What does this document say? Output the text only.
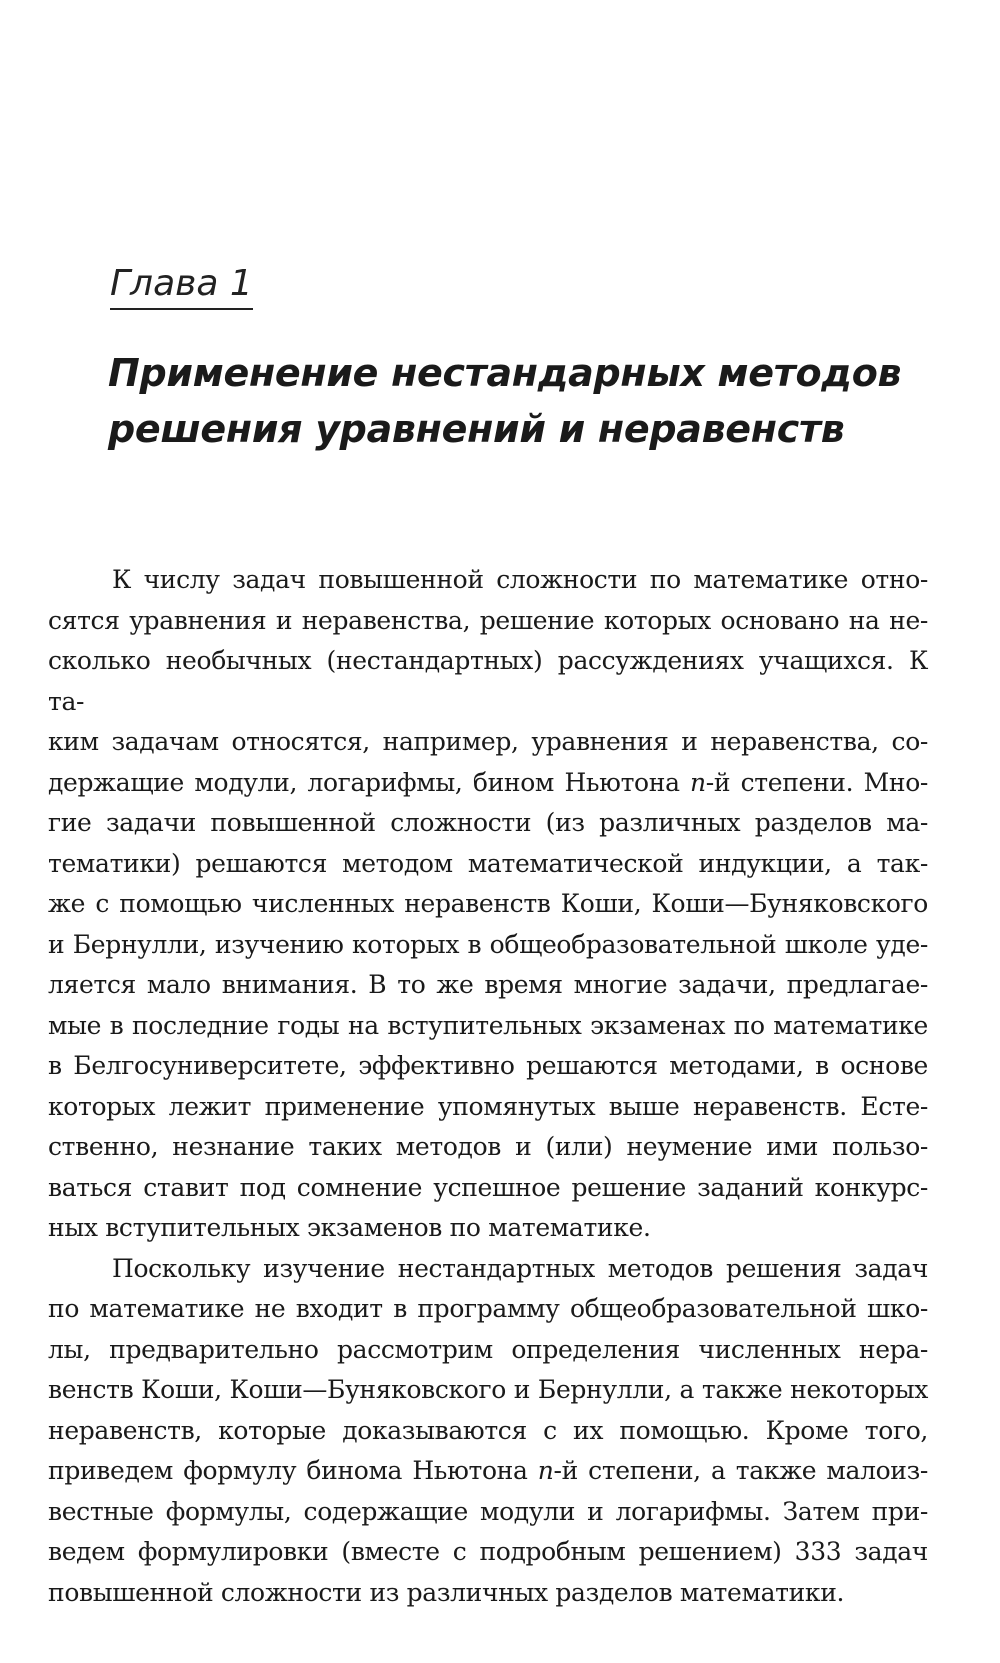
Глава 1
Применение нестандарных методов
решения уравнений и неравенств
К числу задач повышенной сложности по математике отно-
сятся уравнения и неравенства, решение которых основано на не-
сколько необычных (нестандартных) рассуждениях учащихся. К та-
ким задачам относятся, например, уравнения и неравенства, со-
держащие модули, логарифмы, бином Ньютона 𝑛-й степени. Мно-
гие задачи повышенной сложности (из различных разделов ма-
тематики) решаются методом математической индукции, а так-
же с помощью численных неравенств Коши, Коши—Буняковского
и Бернулли, изучению которых в общеобразовательной школе уде-
ляется мало внимания. В то же время многие задачи, предлагае-
мые в последние годы на вступительных экзаменах по математике
в Белгосуниверситете, эффективно решаются методами, в основе
которых лежит применение упомянутых выше неравенств. Есте-
ственно, незнание таких методов и (или) неумение ими пользо-
ваться ставит под сомнение успешное решение заданий конкурс-
ных вступительных экзаменов по математике.
Поскольку изучение нестандартных методов решения задач
по математике не входит в программу общеобразовательной шко-
лы, предварительно рассмотрим определения численных нера-
венств Коши, Коши—Буняковского и Бернулли, а также некоторых
неравенств, которые доказываются с их помощью. Кроме того,
приведем формулу бинома Ньютона 𝑛-й степени, а также малоиз-
вестные формулы, содержащие модули и логарифмы. Затем при-
ведем формулировки (вместе с подробным решением) 333 задач
повышенной сложности из различных разделов математики.
